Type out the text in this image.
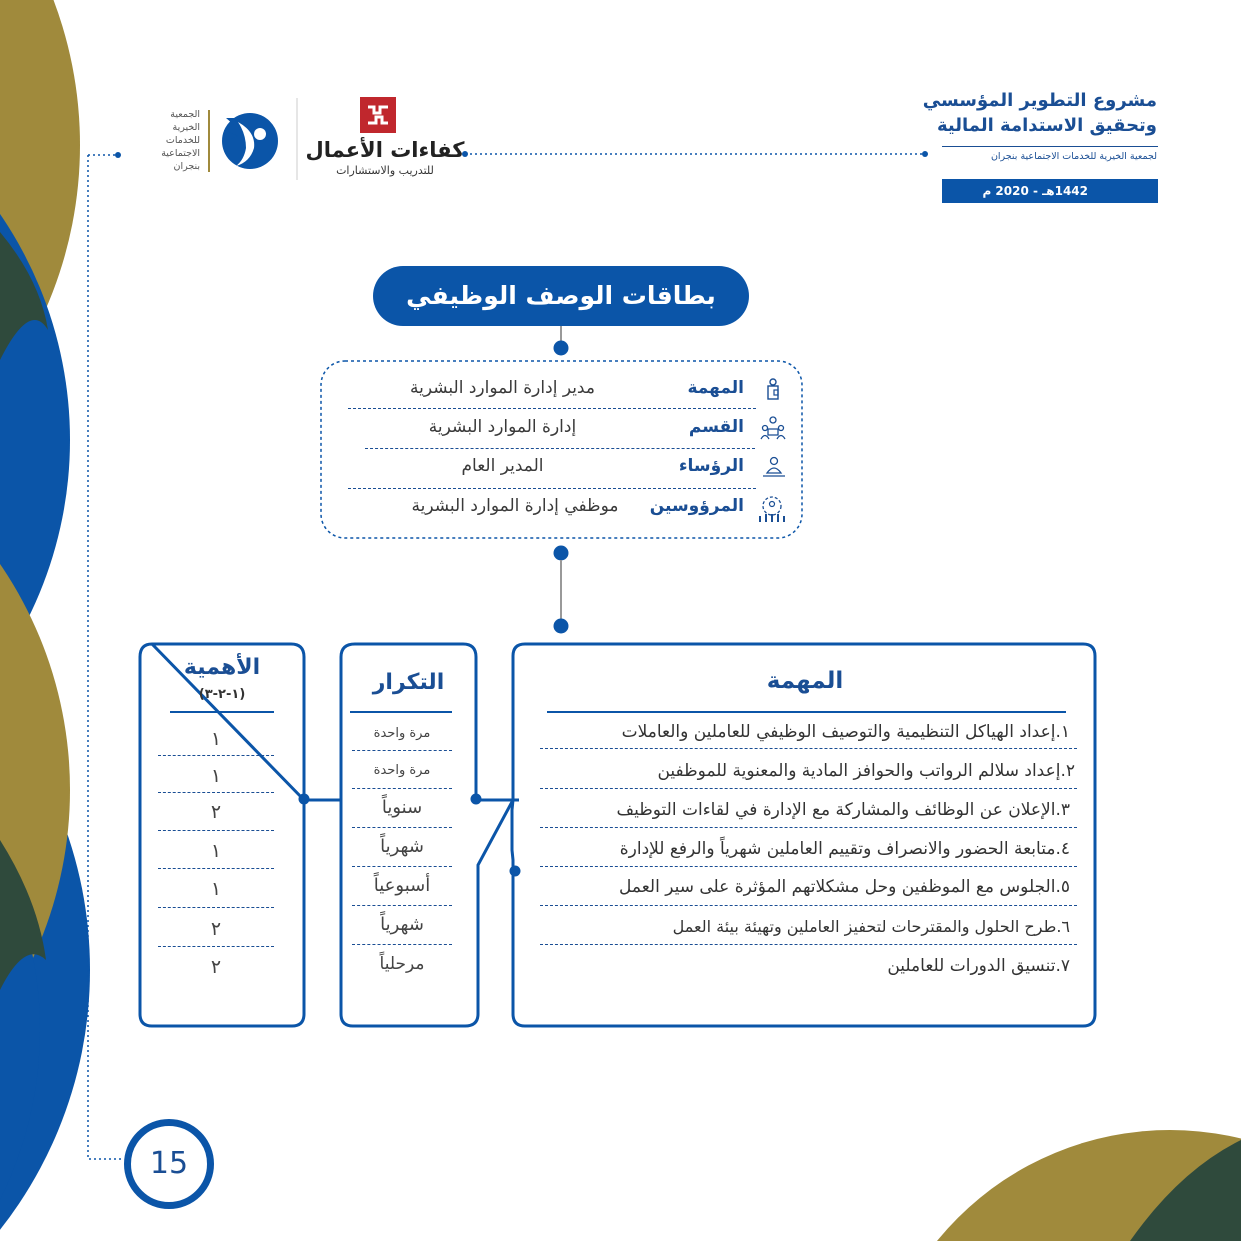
مشروع التطوير المؤسسي
وتحقيق الاستدامة المالية
لجمعية الخيرية للخدمات الاجتماعية بنجران
1442هـ - 2020 م
كفاءات الأعمال
للتدريب والاستشارات
الجمعية
الخيرية
للخدمات
الاجتماعية
بنجران
بطاقات الوصف الوظيفي
المهمة
مدير إدارة الموارد البشرية
القسم
إدارة الموارد البشرية
الرؤساء
المدير العام
المرؤوسين
موظفي إدارة الموارد البشرية
المهمة
١.إعداد الهياكل التنظيمية والتوصيف الوظيفي للعاملين والعاملات
٢.إعداد سلالم الرواتب والحوافز المادية والمعنوية للموظفين
٣.الإعلان عن الوظائف والمشاركة مع الإدارة في لقاءات التوظيف
٤.متابعة الحضور والانصراف وتقييم العاملين شهرياً والرفع للإدارة
٥.الجلوس مع الموظفين وحل مشكلاتهم المؤثرة على سير العمل
٦.طرح الحلول والمقترحات لتحفيز العاملين وتهيئة بيئة العمل
٧.تنسيق الدورات للعاملين
التكرار
مرة واحدة
مرة واحدة
سنوياً
شهرياً
أسبوعياً
شهرياً
مرحلياً
الأهمية
(١-٢-٣)
١
١
٢
١
١
٢
٢
15
